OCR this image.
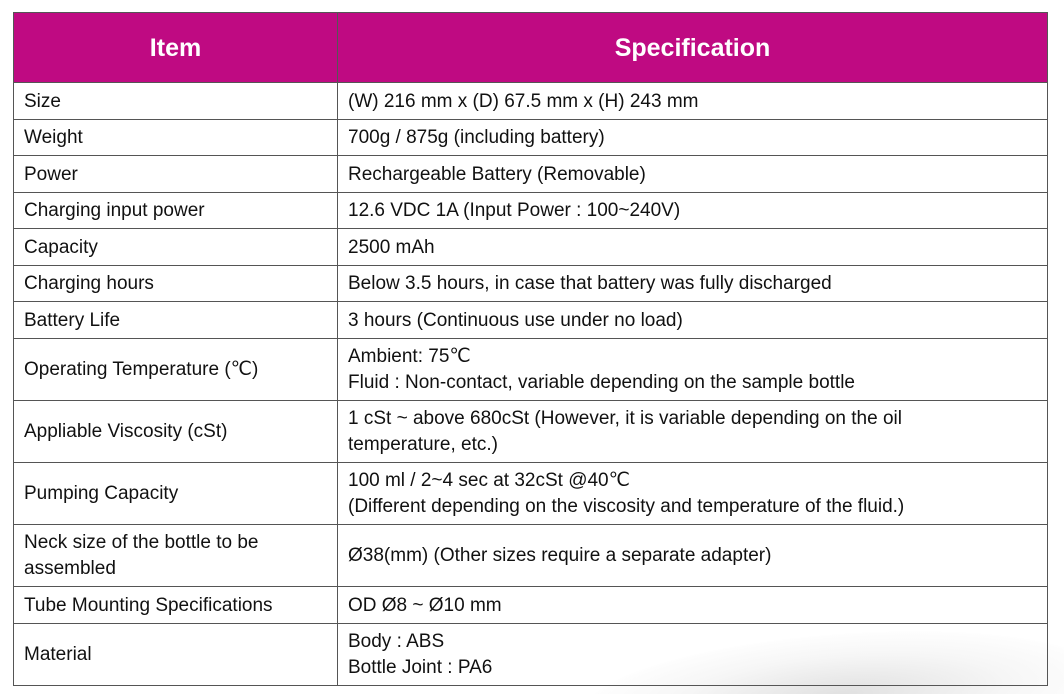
Item	Specification

Size	(W) 216 mm x (D) 67.5 mm x (H) 243 mm

Weight	700g / 875g (including battery)

Power	Rechargeable Battery (Removable)

Charging input power	12.6 VDC 1A (Input Power : 100~240V)

Capacity	2500 mAh

Charging hours	Below 3.5 hours, in case that battery was fully discharged

Battery Life	3 hours (Continuous use under no load)

Operating Temperature (℃)	Ambient: 75℃
Fluid : Non-contact, variable depending on the sample bottle

Appliable Viscosity (cSt)	1 cSt ~ above 680cSt (However, it is variable depending on the oil
temperature, etc.)

Pumping Capacity	100 ml / 2~4 sec at 32cSt @40℃
(Different depending on the viscosity and temperature of the fluid.)

Neck size of the bottle to be
assembled	Ø38(mm) (Other sizes require a separate adapter)

Tube Mounting Specifications	OD Ø8 ~ Ø10 mm

Material	Body : ABS
Bottle Joint : PA6
